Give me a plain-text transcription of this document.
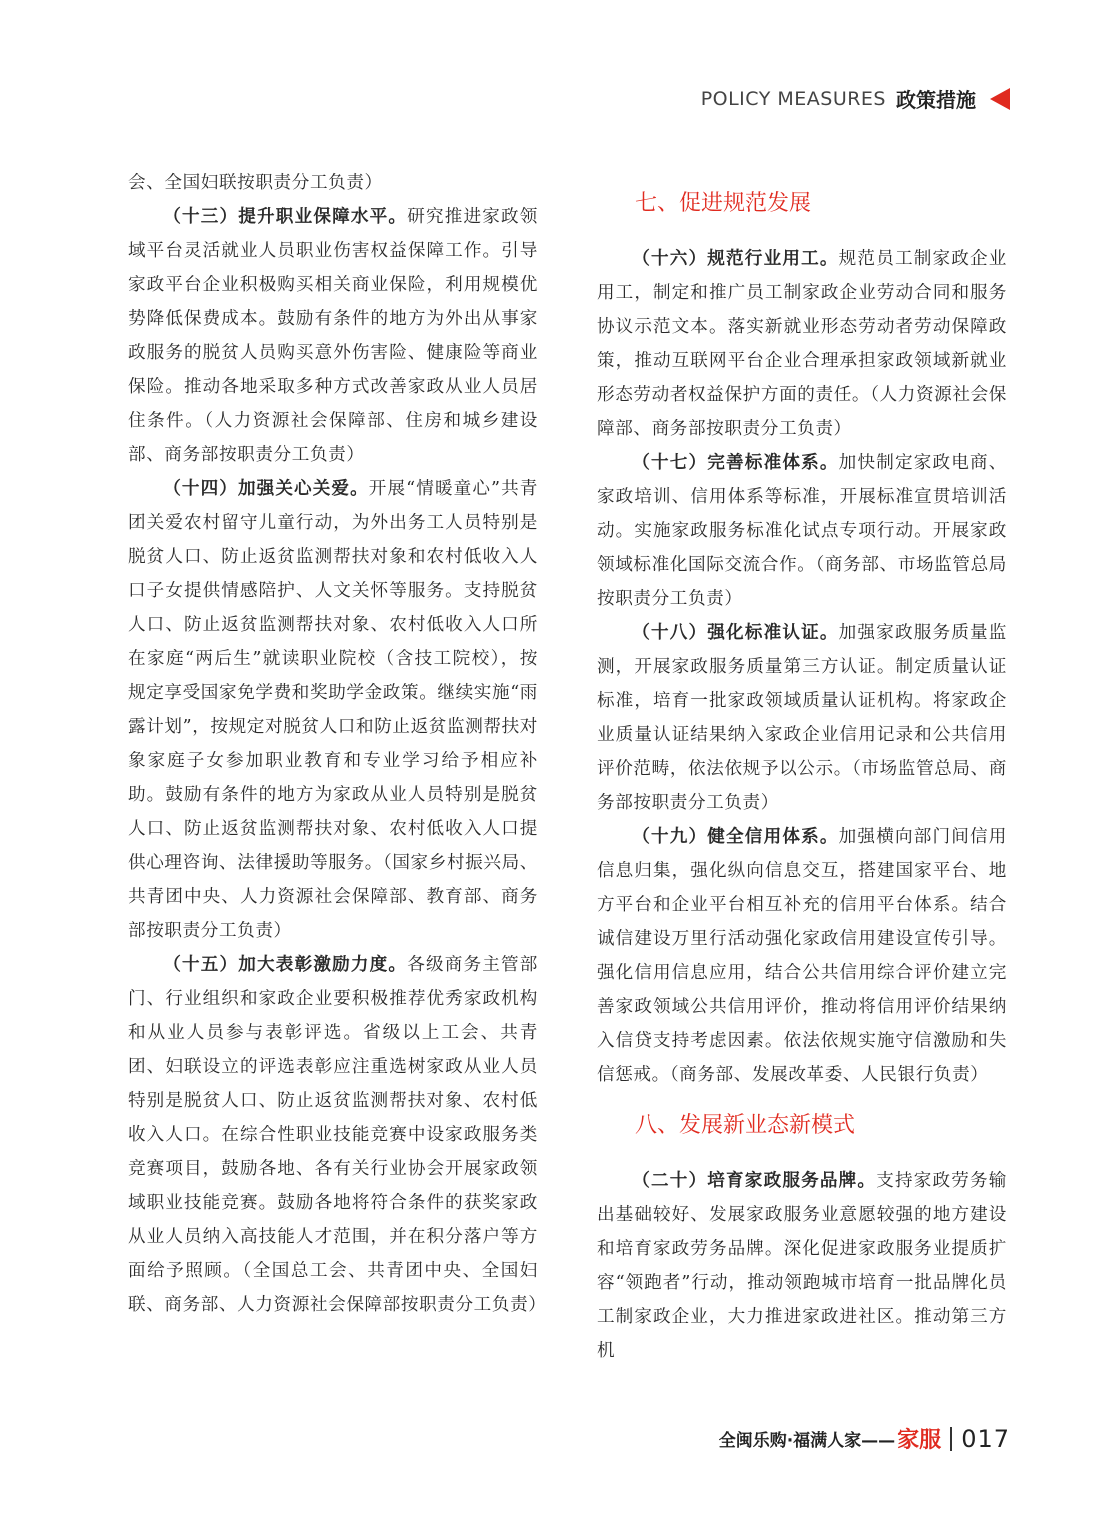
POLICY MEASURES 政策措施

会、全国妇联按职责分工负责）

（十三）提升职业保障水平。研究推进家政领域平台灵活就业人员职业伤害权益保障工作。引导家政平台企业积极购买相关商业保险，利用规模优势降低保费成本。鼓励有条件的地方为外出从事家政服务的脱贫人员购买意外伤害险、健康险等商业保险。推动各地采取多种方式改善家政从业人员居住条件。（人力资源社会保障部、住房和城乡建设部、商务部按职责分工负责）

（十四）加强关心关爱。开展“情暖童心”共青团关爱农村留守儿童行动，为外出务工人员特别是脱贫人口、防止返贫监测帮扶对象和农村低收入人口子女提供情感陪护、人文关怀等服务。支持脱贫人口、防止返贫监测帮扶对象、农村低收入人口所在家庭“两后生”就读职业院校（含技工院校），按规定享受国家免学费和奖助学金政策。继续实施“雨露计划”，按规定对脱贫人口和防止返贫监测帮扶对象家庭子女参加职业教育和专业学习给予相应补助。鼓励有条件的地方为家政从业人员特别是脱贫人口、防止返贫监测帮扶对象、农村低收入人口提供心理咨询、法律援助等服务。（国家乡村振兴局、共青团中央、人力资源社会保障部、教育部、商务部按职责分工负责）

（十五）加大表彰激励力度。各级商务主管部门、行业组织和家政企业要积极推荐优秀家政机构和从业人员参与表彰评选。省级以上工会、共青团、妇联设立的评选表彰应注重选树家政从业人员特别是脱贫人口、防止返贫监测帮扶对象、农村低收入人口。在综合性职业技能竞赛中设家政服务类竞赛项目，鼓励各地、各有关行业协会开展家政领域职业技能竞赛。鼓励各地将符合条件的获奖家政从业人员纳入高技能人才范围，并在积分落户等方面给予照顾。（全国总工会、共青团中央、全国妇联、商务部、人力资源社会保障部按职责分工负责）

七、促进规范发展

（十六）规范行业用工。规范员工制家政企业用工，制定和推广员工制家政企业劳动合同和服务协议示范文本。落实新就业形态劳动者劳动保障政策，推动互联网平台企业合理承担家政领域新就业形态劳动者权益保护方面的责任。（人力资源社会保障部、商务部按职责分工负责）

（十七）完善标准体系。加快制定家政电商、家政培训、信用体系等标准，开展标准宣贯培训活动。实施家政服务标准化试点专项行动。开展家政领域标准化国际交流合作。（商务部、市场监管总局按职责分工负责）

（十八）强化标准认证。加强家政服务质量监测，开展家政服务质量第三方认证。制定质量认证标准，培育一批家政领域质量认证机构。将家政企业质量认证结果纳入家政企业信用记录和公共信用评价范畴，依法依规予以公示。（市场监管总局、商务部按职责分工负责）

（十九）健全信用体系。加强横向部门间信用信息归集，强化纵向信息交互，搭建国家平台、地方平台和企业平台相互补充的信用平台体系。结合诚信建设万里行活动强化家政信用建设宣传引导。强化信用信息应用，结合公共信用综合评价建立完善家政领域公共信用评价，推动将信用评价结果纳入信贷支持考虑因素。依法依规实施守信激励和失信惩戒。（商务部、发展改革委、人民银行负责）

八、发展新业态新模式

（二十）培育家政服务品牌。支持家政劳务输出基础较好、发展家政服务业意愿较强的地方建设和培育家政劳务品牌。深化促进家政服务业提质扩容“领跑者”行动，推动领跑城市培育一批品牌化员工制家政企业，大力推进家政进社区。推动第三方机

全闽乐购·福满人家—— 家服 017
